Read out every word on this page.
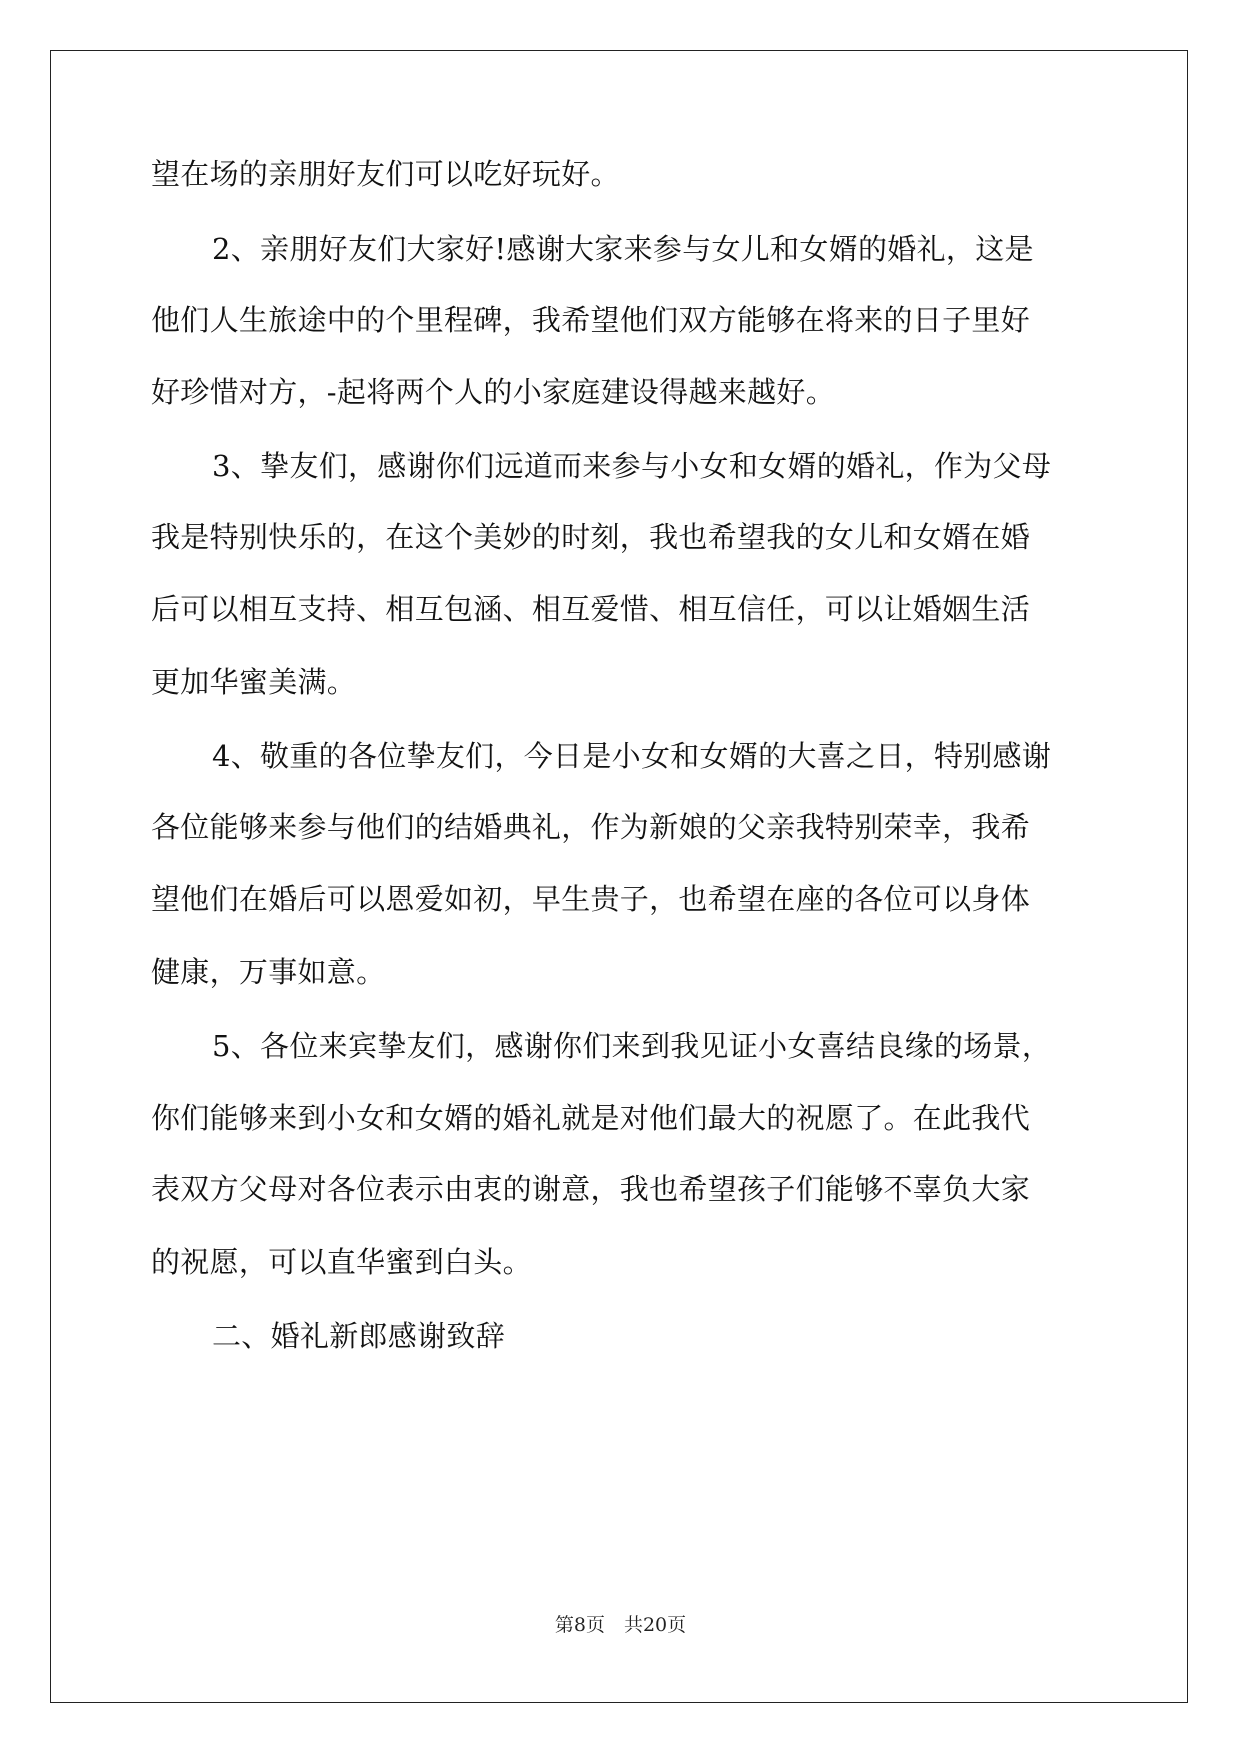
望在场的亲朋好友们可以吃好玩好。
2、亲朋好友们大家好!感谢大家来参与女儿和女婿的婚礼，这是
他们人生旅途中的个里程碑，我希望他们双方能够在将来的日子里好
好珍惜对方，-起将两个人的小家庭建设得越来越好。
3、挚友们，感谢你们远道而来参与小女和女婿的婚礼，作为父母
我是特别快乐的，在这个美妙的时刻，我也希望我的女儿和女婿在婚
后可以相互支持、相互包涵、相互爱惜、相互信任，可以让婚姻生活
更加华蜜美满。
4、敬重的各位挚友们，今日是小女和女婿的大喜之日，特别感谢
各位能够来参与他们的结婚典礼，作为新娘的父亲我特别荣幸，我希
望他们在婚后可以恩爱如初，早生贵子，也希望在座的各位可以身体
健康，万事如意。
5、各位来宾挚友们，感谢你们来到我见证小女喜结良缘的场景，
你们能够来到小女和女婿的婚礼就是对他们最大的祝愿了。在此我代
表双方父母对各位表示由衷的谢意，我也希望孩子们能够不辜负大家
的祝愿，可以直华蜜到白头。
二、婚礼新郎感谢致辞
第8页　共20页
